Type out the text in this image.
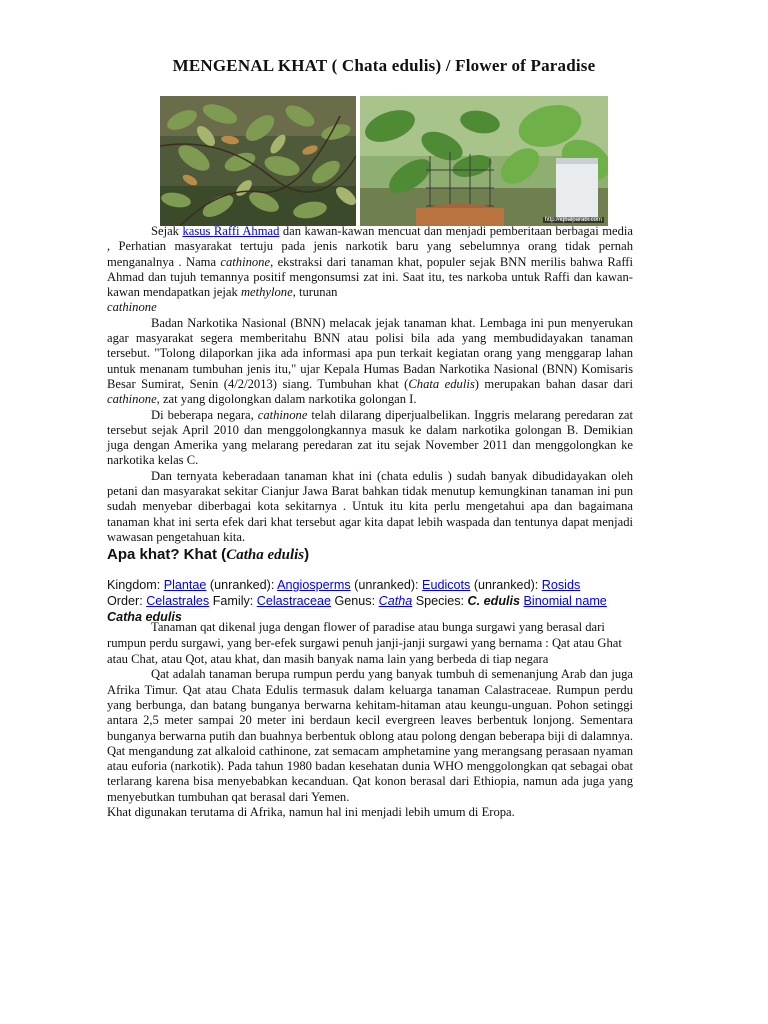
MENGENAL KHAT ( Chata edulis) / Flower of Paradise
http://iqbalparabi.com

Sejak kasus Raffi Ahmad dan kawan-kawan mencuat dan menjadi pemberitaan berbagai media , Perhatian masyarakat tertuju pada jenis narkotik baru yang sebelumnya orang tidak pernah menganalnya . Nama cathinone, ekstraksi dari tanaman khat, populer sejak BNN merilis bahwa Raffi Ahmad dan tujuh temannya positif mengonsumsi zat ini. Saat itu, tes narkoba untuk Raffi dan kawan-kawan mendapatkan jejak methylone, turunan
cathinone

Badan Narkotika Nasional (BNN) melacak jejak tanaman khat. Lembaga ini pun menyerukan agar masyarakat segera memberitahu BNN atau polisi bila ada yang membudidayakan tanaman tersebut. "Tolong dilaporkan jika ada informasi apa pun terkait kegiatan orang yang menggarap lahan untuk menanam tumbuhan jenis itu," ujar Kepala Humas Badan Narkotika Nasional (BNN) Komisaris Besar Sumirat, Senin (4/2/2013) siang. Tumbuhan khat (Chata edulis) merupakan bahan dasar dari cathinone, zat yang digolongkan dalam narkotika golongan I.

Di beberapa negara, cathinone telah dilarang diperjualbelikan. Inggris melarang peredaran zat tersebut sejak April 2010 dan menggolongkannya masuk ke dalam narkotika golongan B. Demikian juga dengan Amerika yang melarang peredaran zat itu sejak November 2011 dan menggolongkan ke narkotika kelas C.

Dan ternyata keberadaan tanaman khat ini (chata edulis ) sudah banyak dibudidayakan oleh petani dan masyarakat sekitar Cianjur Jawa Barat bahkan tidak menutup kemungkinan tanaman ini pun sudah menyebar diberbagai kota sekitarnya . Untuk itu kita perlu mengetahui apa dan bagaimana tanaman khat ini serta efek dari khat tersebut agar kita dapat lebih waspada dan tentunya dapat menjadi wawasan pengetahuan kita.

Apa khat? Khat (Catha edulis)
Kingdom: Plantae (unranked): Angiosperms (unranked): Eudicots (unranked): Rosids
Order: Celastrales Family: Celastraceae Genus: Catha Species: C. edulis Binomial name
Catha edulis

Tanaman qat dikenal juga dengan flower of paradise atau bunga surgawi yang berasal dari rumpun perdu surgawi, yang ber-efek surgawi penuh janji-janji surgawi yang bernama : Qat atau Ghat atau Chat, atau Qot, atau khat, dan masih banyak nama lain yang berbeda di tiap negara

Qat adalah tanaman berupa rumpun perdu yang banyak tumbuh di semenanjung Arab dan juga Afrika Timur. Qat atau Chata Edulis termasuk dalam keluarga tanaman Calastraceae. Rumpun perdu yang berbunga, dan batang bunganya berwarna kehitam-hitaman atau keungu-unguan. Pohon setinggi antara 2,5 meter sampai 20 meter ini berdaun kecil evergreen leaves berbentuk lonjong. Sementara bunganya berwarna putih dan buahnya berbentuk oblong atau polong dengan beberapa biji di dalamnya. Qat mengandung zat alkaloid cathinone, zat semacam amphetamine yang merangsang perasaan nyaman atau euforia (narkotik). Pada tahun 1980 badan kesehatan dunia WHO menggolongkan qat sebagai obat terlarang karena bisa menyebabkan kecanduan. Qat konon berasal dari Ethiopia, namun ada juga yang menyebutkan tumbuhan qat berasal dari Yemen.

Khat digunakan terutama di Afrika, namun hal ini menjadi lebih umum di Eropa.
